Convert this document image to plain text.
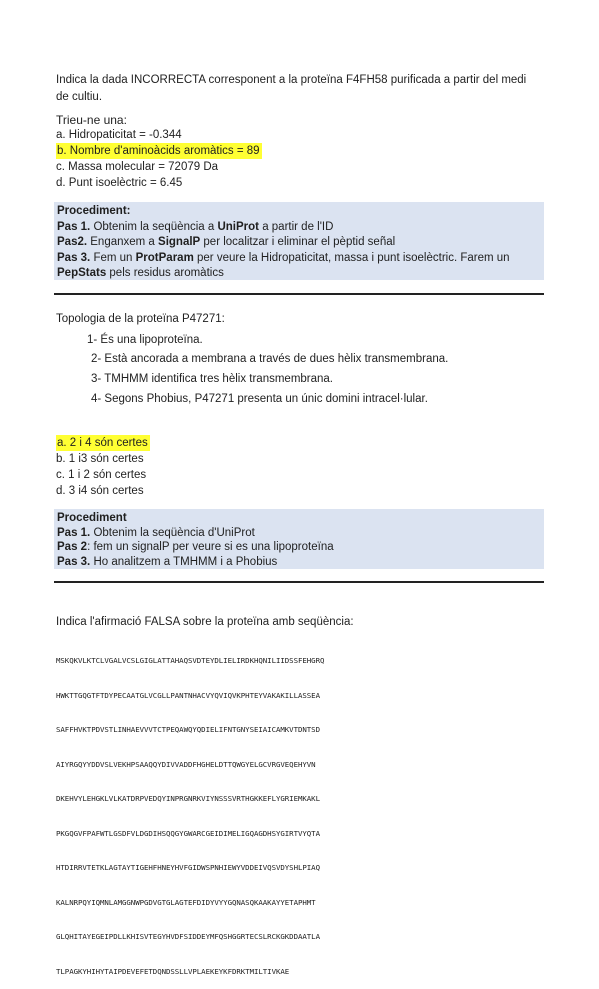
Indica la dada INCORRECTA corresponent a la proteïna F4FH58 purificada a partir del medi de cultiu.
Trieu-ne una:
a. Hidropaticitat = -0.344
b. Nombre d'aminoàcids aromàtics = 89
c. Massa molecular = 72079 Da
d. Punt isoelèctric = 6.45
Procediment:
Pas 1. Obtenim la seqüència a UniProt a partir de l'ID
Pas2. Enganxem a SignalP per localitzar i eliminar el pèptid señal
Pas 3. Fem un ProtParam per veure la Hidropaticitat, massa i punt isoelèctric. Farem un
PepStats pels residus aromàtics
Topologia de la proteïna P47271:
1- És una lipoproteïna.
2- Està ancorada a membrana a través de dues hèlix transmembrana.
3- TMHMM identifica tres hèlix transmembrana.
4- Segons Phobius, P47271 presenta un únic domini intracel·lular.
a. 2 i 4 són certes
b. 1 i3 són certes
c. 1 i 2 són certes
d. 3 i4 són certes
Procediment
Pas 1. Obtenim la seqüència d'UniProt
Pas 2: fem un signalP per veure si es una lipoproteïna
Pas 3. Ho analitzem a TMHMM i a Phobius
Indica l'afirmació FALSA sobre la proteïna amb seqüència:

MSKQKVLKTCLVGALVCSLGIGLATTAHAQSVDTEYDLIELIRDKHQNILIIDSSFEHGRQ

HWKTTGQGTFTDYPECAATGLVCGLLPANTNHACVYQVIQVKPHTEYVAKAKILLASSEA

SAFFHVKTPDVSTLINHAEVVVTCTPEQAWQYQDIELIFNTGNYSEIAICAMKVTDNTSD

AIYRGQYYDDVSLVEKHPSAAQQYDIVVADDFHGHELDTTQWGYELGCVRGVEQEHYVN

DKEHVYLEHGKLVLKATDRPVEDQYINPRGNRKVIYNSSSVRTHGKKEFLYGRIEMKAKL

PKGQGVFPAFWTLGSDFVLDGDIHSQQGYGWARCGEIDIMELIGQAGDHSYGIRTVYQTA

HTDIRRVTETKLAGTAYTIGEHFHNEYHVFGIDWSPNHIEWYVDDEIVQSVDYSHLPIAQ

KALNRPQYIQMNLAMGGNWPGDVGTGLAGTEFDIDYVYYGQNASQKAAKAYYETAPHMT

GLQHITAYEGEIPDLLKHISVTEGYHVDFSIDDEYMFQSHGGRTECSLRCKGKDDAATLA

TLPAGKYHIHYTAIPDEVEFETDQNDSSLLVPLAEKEYKFDRKTMILTIVKAE
